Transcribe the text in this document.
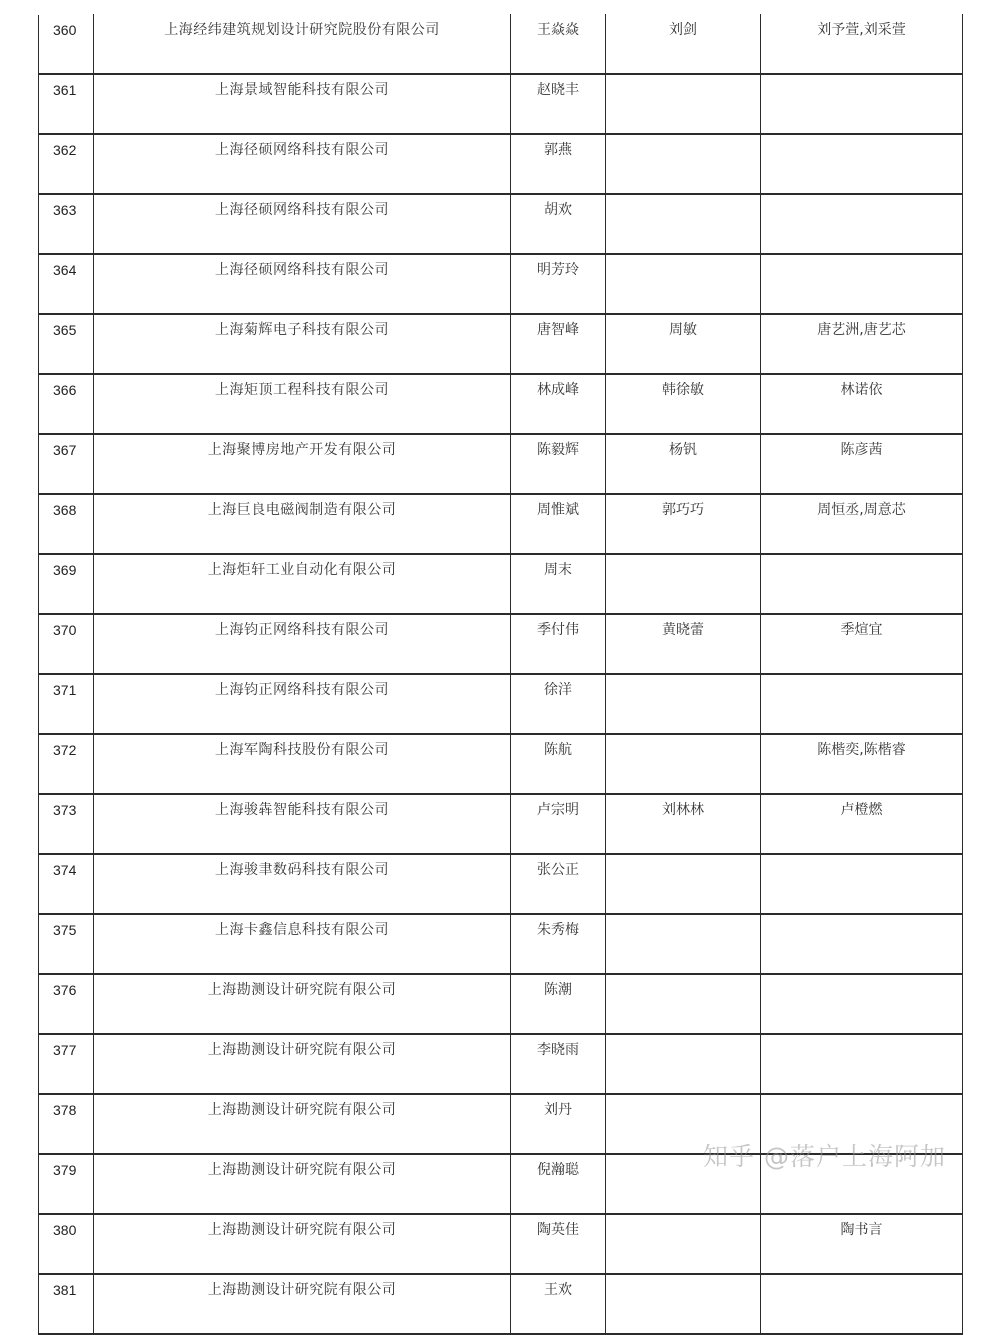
360	上海经纬建筑规划设计研究院股份有限公司	王焱焱	刘剑	刘予萱,刘采萱
361	上海景域智能科技有限公司	赵晓丰		
362	上海径硕网络科技有限公司	郭燕		
363	上海径硕网络科技有限公司	胡欢		
364	上海径硕网络科技有限公司	明芳玲		
365	上海菊辉电子科技有限公司	唐智峰	周敏	唐艺洲,唐艺芯
366	上海矩顶工程科技有限公司	林成峰	韩徐敏	林诺依
367	上海聚博房地产开发有限公司	陈毅辉	杨钒	陈彦茜
368	上海巨良电磁阀制造有限公司	周惟斌	郭巧巧	周恒丞,周意芯
369	上海炬轩工业自动化有限公司	周末		
370	上海钧正网络科技有限公司	季付伟	黄晓蕾	季煊宜
371	上海钧正网络科技有限公司	徐洋		
372	上海军陶科技股份有限公司	陈航		陈楷奕,陈楷睿
373	上海骏犇智能科技有限公司	卢宗明	刘林林	卢橙燃
374	上海骏聿数码科技有限公司	张公正		
375	上海卡鑫信息科技有限公司	朱秀梅		
376	上海勘测设计研究院有限公司	陈潮		
377	上海勘测设计研究院有限公司	李晓雨		
378	上海勘测设计研究院有限公司	刘丹		
379	上海勘测设计研究院有限公司	倪瀚聪		
380	上海勘测设计研究院有限公司	陶英佳		陶书言
381	上海勘测设计研究院有限公司	王欢		
知乎 @落户上海阿加
